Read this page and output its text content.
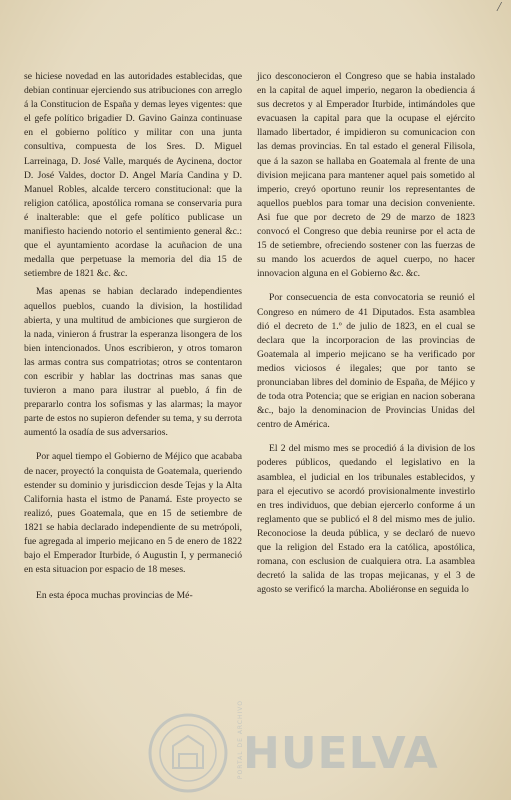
/

se hiciese novedad en las autoridades establecidas, que debian continuar ejerciendo sus atribuciones con arreglo á la Constitucion de España y demas leyes vigentes: que el gefe político brigadier D. Gavino Gainza continuase en el gobierno político y militar con una junta consultiva, compuesta de los Sres. D. Miguel Larreinaga, D. José Valle, marqués de Aycinena, doctor D. José Valdes, doctor D. Angel María Candina y D. Manuel Robles, alcalde tercero constitucional: que la religion católica, apostólica romana se conservaria pura é inalterable: que el gefe político publicase un manifiesto haciendo notorio el sentimiento general &c.: que el ayuntamiento acordase la acuñacion de una medalla que perpetuase la memoria del dia 15 de setiembre de 1821 &c. &c.

Mas apenas se habian declarado independientes aquellos pueblos, cuando la division, la hostilidad abierta, y una multitud de ambiciones que surgieron de la nada, vinieron á frustrar la esperanza lisongera de los bien intencionados. Unos escribieron, y otros tomaron las armas contra sus compatriotas; otros se contentaron con escribir y hablar las doctrinas mas sanas que tuvieron a mano para ilustrar al pueblo, á fin de prepararlo contra los sofismas y las alarmas; la mayor parte de estos no supieron defender su tema, y su derrota aumentó la osadía de sus adversarios.

Por aquel tiempo el Gobierno de Méjico que acababa de nacer, proyectó la conquista de Goatemala, queriendo estender su dominio y jurisdiccion desde Tejas y la Alta California hasta el istmo de Panamá. Este proyecto se realizó, pues Goatemala, que en 15 de setiembre de 1821 se habia declarado independiente de su metrópoli, fue agregada al imperio mejicano en 5 de enero de 1822 bajo el Emperador Iturbide, ó Augustin I, y permaneció en esta situacion por espacio de 18 meses.

En esta época muchas provincias de Mé-

jico desconocieron el Congreso que se habia instalado en la capital de aquel imperio, negaron la obediencia á sus decretos y al Emperador Iturbide, intimándoles que evacuasen la capital para que la ocupase el ejército llamado libertador, é impidieron su comunicacion con las demas provincias. En tal estado el general Filisola, que á la sazon se hallaba en Goatemala al frente de una division mejicana para mantener aquel pais sometido al imperio, creyó oportuno reunir los representantes de aquellos pueblos para tomar una decision conveniente. Asi fue que por decreto de 29 de marzo de 1823 convocó el Congreso que debia reunirse por el acta de 15 de setiembre, ofreciendo sostener con las fuerzas de su mando los acuerdos de aquel cuerpo, no hacer innovacion alguna en el Gobierno &c. &c.

Por consecuencia de esta convocatoria se reunió el Congreso en número de 41 Diputados. Esta asamblea dió el decreto de 1.º de julio de 1823, en el cual se declara que la incorporacion de las provincias de Goatemala al imperio mejicano se ha verificado por medios viciosos é ilegales; que por tanto se pronunciaban libres del dominio de España, de Méjico y de toda otra Potencia; que se erigian en nacion soberana &c., bajo la denominacion de Provincias Unidas del centro de América.

El 2 del mismo mes se procedió á la division de los poderes públicos, quedando el legislativo en la asamblea, el judicial en los tribunales establecidos, y para el ejecutivo se acordó provisionalmente investirlo en tres individuos, que debian ejercerlo conforme á un reglamento que se publicó el 8 del mismo mes de julio. Reconociose la deuda pública, y se declaró de nuevo que la religion del Estado era la católica, apostólica, romana, con esclusion de cualquiera otra. La asamblea decretó la salida de las tropas mejicanas, y el 3 de agosto se verificó la marcha. Aboliéronse en seguida lo

PORTAL DE ARCHIVO HUELVA
